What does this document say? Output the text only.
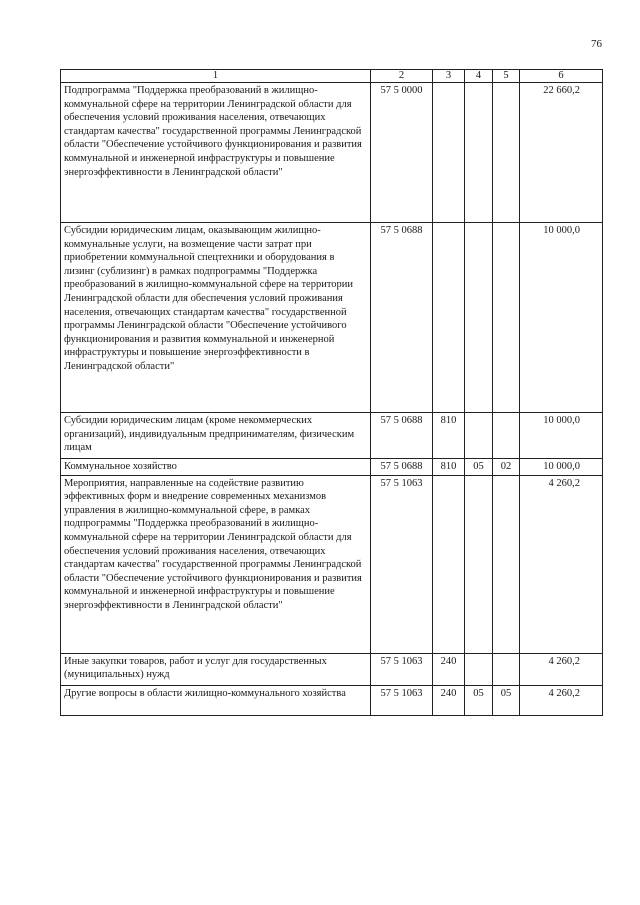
76
1	2	3	4	5	6
Подпрограмма "Поддержка преобразований в жилищно-коммунальной сфере на территории Ленинградской области для обеспечения условий проживания населения, отвечающих стандартам качества" государственной программы Ленинградской области "Обеспечение устойчивого функционирования и развития коммунальной и инженерной инфраструктуры и повышение энергоэффективности в Ленинградской области"	57 5 0000				22 660,2
Субсидии юридическим лицам, оказывающим жилищно-коммунальные услуги, на возмещение части затрат при приобретении коммунальной спецтехники и оборудования в лизинг (сублизинг) в рамках подпрограммы "Поддержка преобразований в жилищно-коммунальной сфере на территории Ленинградской области для обеспечения условий проживания населения, отвечающих стандартам качества" государственной программы Ленинградской области "Обеспечение устойчивого функционирования и развития коммунальной и инженерной инфраструктуры и повышение энергоэффективности в Ленинградской области"	57 5 0688				10 000,0
Субсидии юридическим лицам (кроме некоммерческих организаций), индивидуальным предпринимателям, физическим лицам	57 5 0688	810			10 000,0
Коммунальное хозяйство	57 5 0688	810	05	02	10 000,0
Мероприятия, направленные на содействие развитию эффективных форм и внедрение современных механизмов управления в жилищно-коммунальной сфере, в рамках подпрограммы "Поддержка преобразований в жилищно-коммунальной сфере на территории Ленинградской области для обеспечения условий проживания населения, отвечающих стандартам качества" государственной программы Ленинградской области "Обеспечение устойчивого функционирования и развития коммунальной и инженерной инфраструктуры и повышение энергоэффективности в Ленинградской области"	57 5 1063				4 260,2
Иные закупки товаров, работ и услуг для государственных (муниципальных) нужд	57 5 1063	240			4 260,2
Другие вопросы в области жилищно-коммунального хозяйства	57 5 1063	240	05	05	4 260,2
